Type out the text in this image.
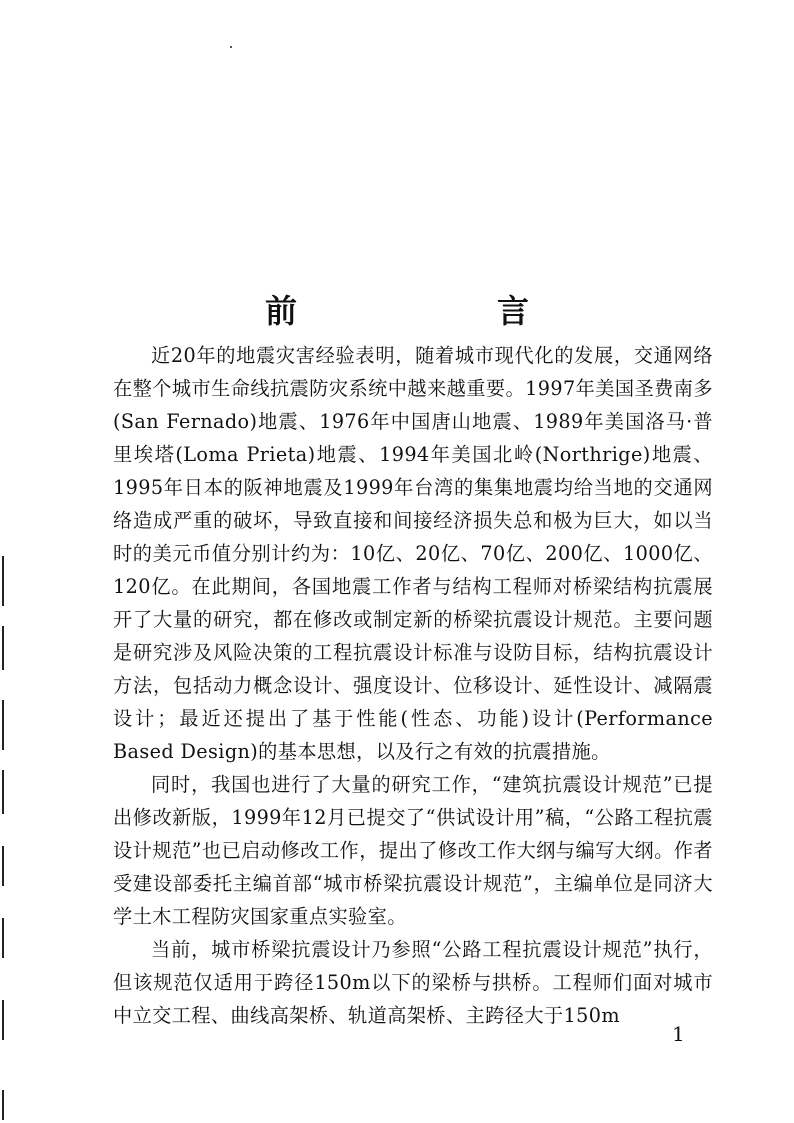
前　言

近20年的地震灾害经验表明，随着城市现代化的发展，交通网络在整个城市生命线抗震防灾系统中越来越重要。1997年美国圣费南多(San Fernado)地震、1976年中国唐山地震、1989年美国洛马·普里埃塔(Loma Prieta)地震、1994年美国北岭(Northrige)地震、1995年日本的阪神地震及1999年台湾的集集地震均给当地的交通网络造成严重的破坏，导致直接和间接经济损失总和极为巨大，如以当时的美元币值分别计约为：10亿、20亿、70亿、200亿、1000亿、120亿。在此期间，各国地震工作者与结构工程师对桥梁结构抗震展开了大量的研究，都在修改或制定新的桥梁抗震设计规范。主要问题是研究涉及风险决策的工程抗震设计标准与设防目标，结构抗震设计方法，包括动力概念设计、强度设计、位移设计、延性设计、减隔震设计；最近还提出了基于性能(性态、功能)设计(Performance Based Design)的基本思想，以及行之有效的抗震措施。

同时，我国也进行了大量的研究工作，“建筑抗震设计规范”已提出修改新版，1999年12月已提交了“供试设计用”稿，“公路工程抗震设计规范”也已启动修改工作，提出了修改工作大纲与编写大纲。作者受建设部委托主编首部“城市桥梁抗震设计规范”，主编单位是同济大学土木工程防灾国家重点实验室。

当前，城市桥梁抗震设计乃参照“公路工程抗震设计规范”执行，但该规范仅适用于跨径150m以下的梁桥与拱桥。工程师们面对城市中立交工程、曲线高架桥、轨道高架桥、主跨径大于150m

1
